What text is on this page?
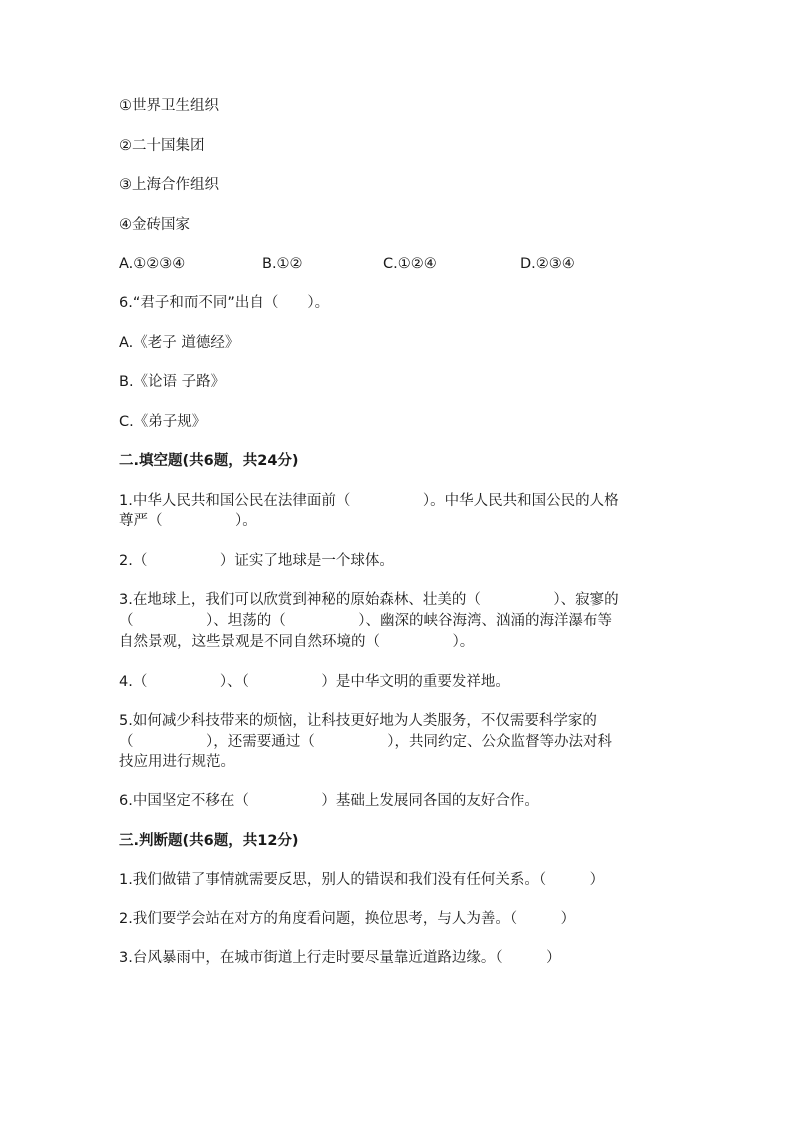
①世界卫生组织
②二十国集团
③上海合作组织
④金砖国家
A.①②③④	B.①②	C.①②④	D.②③④
6.“君子和而不同”出自（　　）。
A.《老子 道德经》
B.《论语 子路》
C.《弟子规》
二.填空题(共6题，共24分)
1.中华人民共和国公民在法律面前（　　　　　）。中华人民共和国公民的人格
尊严（　　　　　）。
2.（　　　　　）证实了地球是一个球体。
3.在地球上，我们可以欣赏到神秘的原始森林、壮美的（　　　　　）、寂寥的
（　　　　　）、坦荡的（　　　　　）、幽深的峡谷海湾、汹涌的海洋瀑布等
自然景观，这些景观是不同自然环境的（　　　　　）。
4.（　　　　　）、（　　　　　）是中华文明的重要发祥地。
5.如何减少科技带来的烦恼，让科技更好地为人类服务，不仅需要科学家的
（　　　　　），还需要通过（　　　　　），共同约定、公众监督等办法对科
技应用进行规范。
6.中国坚定不移在（　　　　　）基础上发展同各国的友好合作。
三.判断题(共6题，共12分)
1.我们做错了事情就需要反思，别人的错误和我们没有任何关系。（　　　）
2.我们要学会站在对方的角度看问题，换位思考，与人为善。（　　　）
3.台风暴雨中，在城市街道上行走时要尽量靠近道路边缘。（　　　）
